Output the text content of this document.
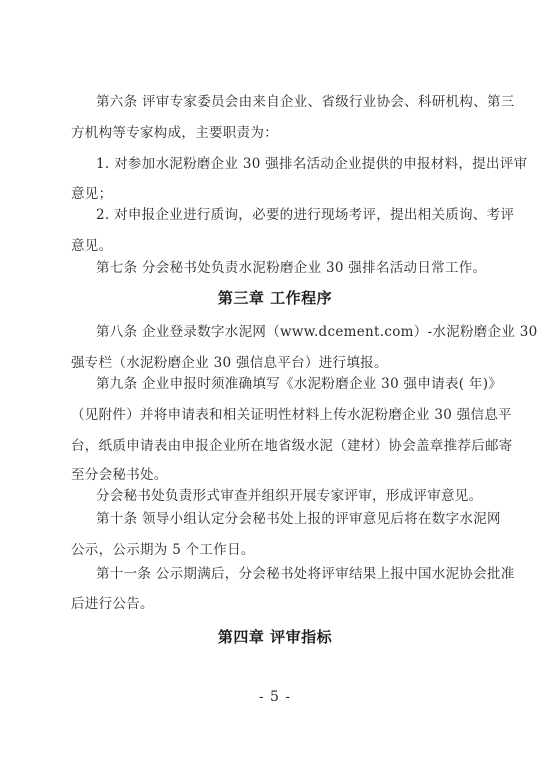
第六条 评审专家委员会由来自企业、省级行业协会、科研机构、第三
方机构等专家构成，主要职责为：
1. 对参加水泥粉磨企业 30 强排名活动企业提供的申报材料，提出评审
意见；
2. 对申报企业进行质询，必要的进行现场考评，提出相关质询、考评
意见。
第七条 分会秘书处负责水泥粉磨企业 30 强排名活动日常工作。
第三章 工作程序
第八条 企业登录数字水泥网（www.dcement.com）-水泥粉磨企业 30
强专栏（水泥粉磨企业 30 强信息平台）进行填报。
第九条 企业申报时须准确填写《水泥粉磨企业 30 强申请表( 年)》
（见附件）并将申请表和相关证明性材料上传水泥粉磨企业 30 强信息平
台，纸质申请表由申报企业所在地省级水泥（建材）协会盖章推荐后邮寄
至分会秘书处。
分会秘书处负责形式审查并组织开展专家评审，形成评审意见。
第十条 领导小组认定分会秘书处上报的评审意见后将在数字水泥网
公示，公示期为 5 个工作日。
第十一条 公示期满后，分会秘书处将评审结果上报中国水泥协会批准
后进行公告。
第四章 评审指标
- 5 -
